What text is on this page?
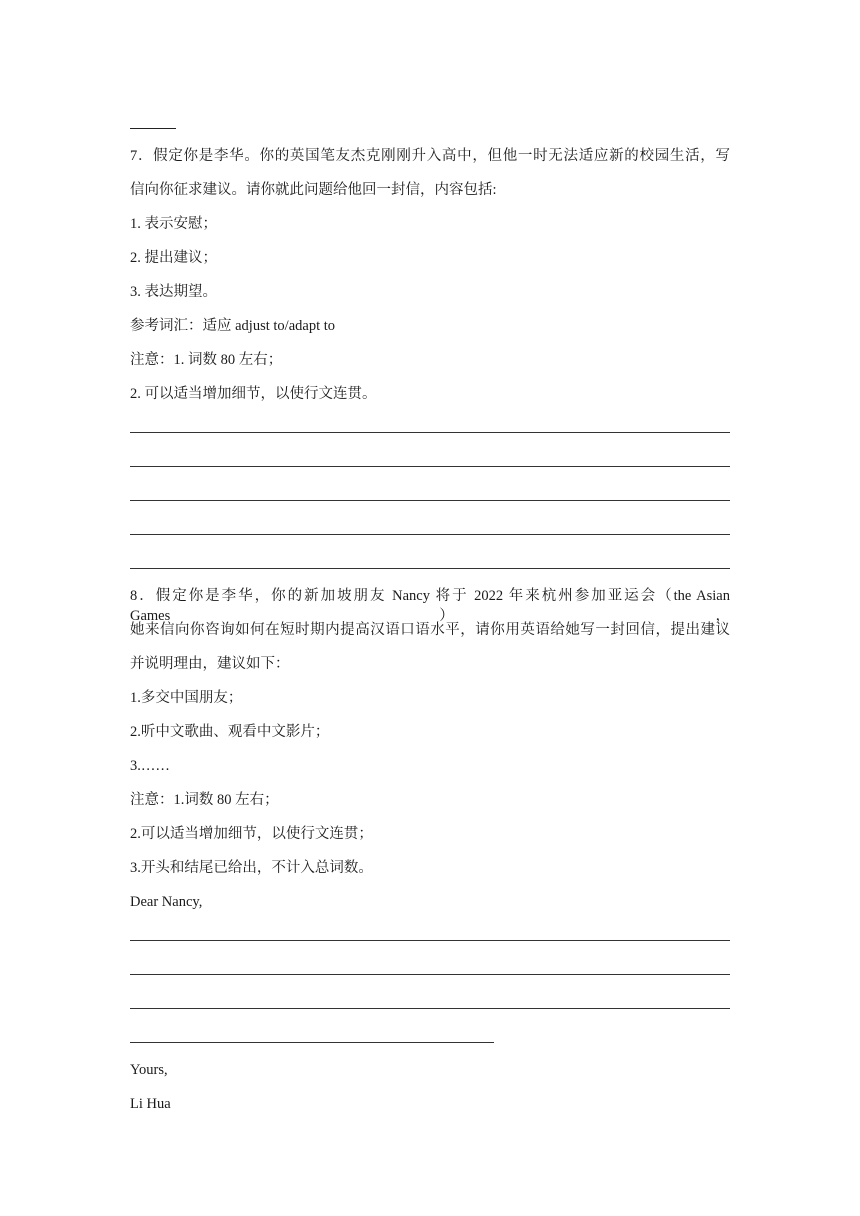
7．假定你是李华。你的英国笔友杰克刚刚升入高中，但他一时无法适应新的校园生活，写
信向你征求建议。请你就此问题给他回一封信，内容包括:
1. 表示安慰；
2. 提出建议；
3. 表达期望。
参考词汇：适应 adjust to/adapt to
注意：1. 词数 80 左右；
2. 可以适当增加细节，以使行文连贯。
8．假定你是李华，你的新加坡朋友 Nancy 将于 2022 年来杭州参加亚运会（the Asian Games），
她来信向你咨询如何在短时期内提高汉语口语水平，请你用英语给她写一封回信，提出建议
并说明理由，建议如下：
1.多交中国朋友；
2.听中文歌曲、观看中文影片；
3.……
注意：1.词数 80 左右；
2.可以适当增加细节，以使行文连贯；
3.开头和结尾已给出，不计入总词数。
Dear Nancy,
Yours,
Li Hua
